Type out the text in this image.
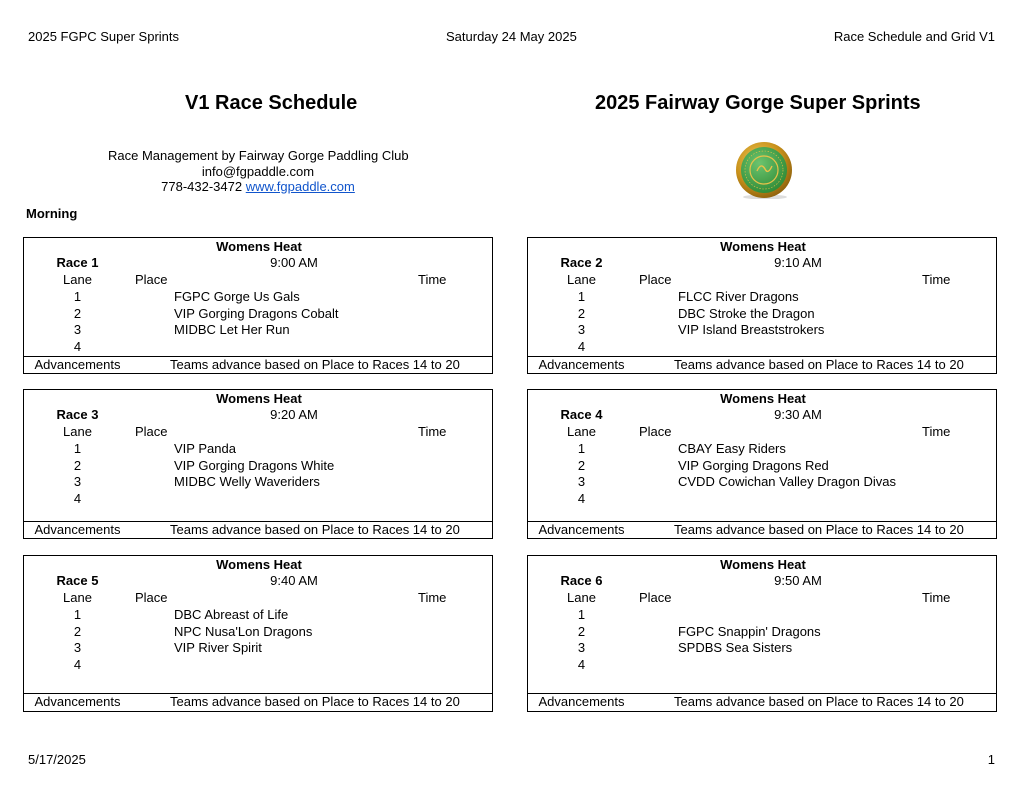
2025 FGPC Super Sprints	Saturday 24 May 2025	Race Schedule and Grid V1
V1 Race Schedule	2025 Fairway Gorge Super Sprints
Race Management by Fairway Gorge Paddling Club
info@fgpaddle.com
778-432-3472 www.fgpaddle.com
Morning
Womens Heat
Race 1	9:00 AM
Lane	Place	Time
1	FGPC Gorge Us Gals
2	VIP Gorging Dragons Cobalt
3	MIDBC Let Her Run
4
Advancements	Teams advance based on Place to Races 14 to 20
Womens Heat
Race 2	9:10 AM
Lane	Place	Time
1	FLCC River Dragons
2	DBC Stroke the Dragon
3	VIP Island Breaststrokers
4
Advancements	Teams advance based on Place to Races 14 to 20
Womens Heat
Race 3	9:20 AM
Lane	Place	Time
1	VIP Panda
2	VIP Gorging Dragons White
3	MIDBC Welly Waveriders
4
Advancements	Teams advance based on Place to Races 14 to 20
Womens Heat
Race 4	9:30 AM
Lane	Place	Time
1	CBAY Easy Riders
2	VIP Gorging Dragons Red
3	CVDD Cowichan Valley Dragon Divas
4
Advancements	Teams advance based on Place to Races 14 to 20
Womens Heat
Race 5	9:40 AM
Lane	Place	Time
1	DBC Abreast of Life
2	NPC Nusa'Lon Dragons
3	VIP River Spirit
4
Advancements	Teams advance based on Place to Races 14 to 20
Womens Heat
Race 6	9:50 AM
Lane	Place	Time
1
2	FGPC Snappin' Dragons
3	SPDBS Sea Sisters
4
Advancements	Teams advance based on Place to Races 14 to 20
5/17/2025	1
